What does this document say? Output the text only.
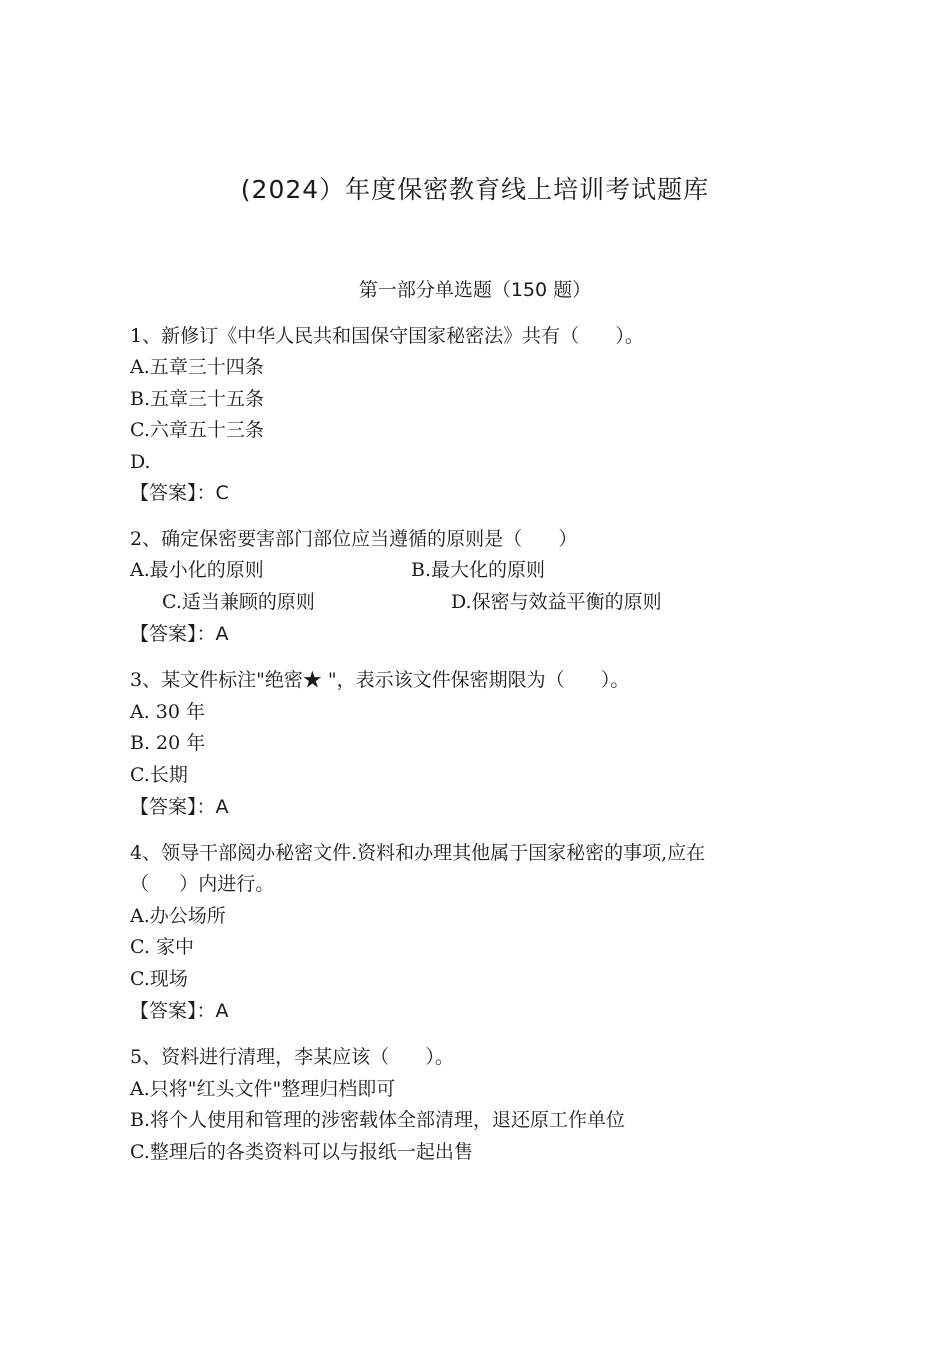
(2024）年度保密教育线上培训考试题库
第一部分单选题（150 题）
1、新修订《中华人民共和国保守国家秘密法》共有（      ）。
A.五章三十四条
B.五章三十五条
C.六章五十三条
D.
【答案】：C
2、确定保密要害部门部位应当遵循的原则是（      ）
A.最小化的原则	B.最大化的原则
C.适当兼顾的原则	D.保密与效益平衡的原则
【答案】：A
3、某文件标注"绝密★ "，表示该文件保密期限为（      ）。
A. 30 年
B. 20 年
C.长期
【答案】：A
4、领导干部阅办秘密文件.资料和办理其他属于国家秘密的事项,应在
（     ）内进行。
A.办公场所
C. 家中
C.现场
【答案】：A
5、资料进行清理，李某应该（      ）。
A.只将"红头文件"整理归档即可
B.将个人使用和管理的涉密载体全部清理，退还原工作单位
C.整理后的各类资料可以与报纸一起出售
